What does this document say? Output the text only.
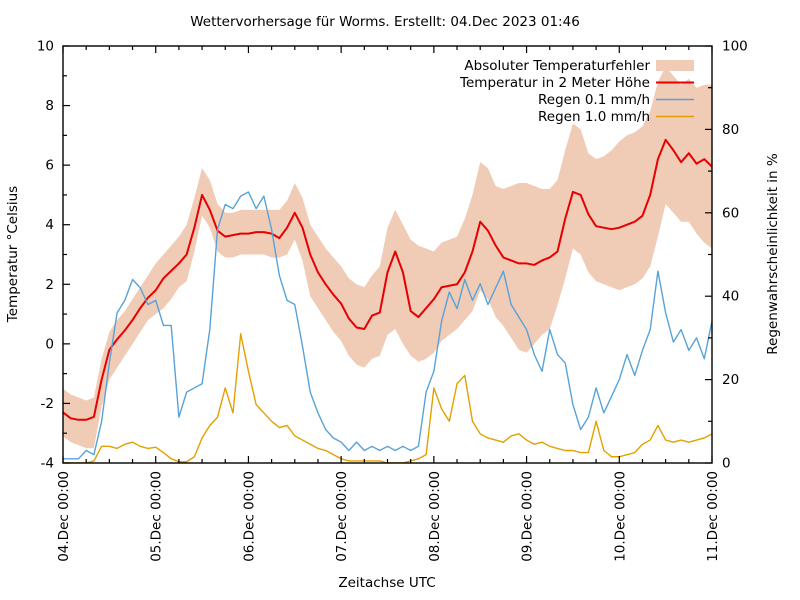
Wettervorhersage für Worms. Erstellt: 04.Dec 2023 01:46
Zeitachse UTC
Temperatur °Celsius	Regenwahrscheinlichkeit in %
04.Dec 00:00	05.Dec 00:00	06.Dec 00:00	07.Dec 00:00	08.Dec 00:00	09.Dec 00:00	10.Dec 00:00	11.Dec 00:00
-4
-2
0
2
4
6
8
10
0
20
40
60
80
100
Absoluter Temperaturfehler
Temperatur in 2 Meter Höhe
Regen 0.1 mm/h
Regen 1.0 mm/h
